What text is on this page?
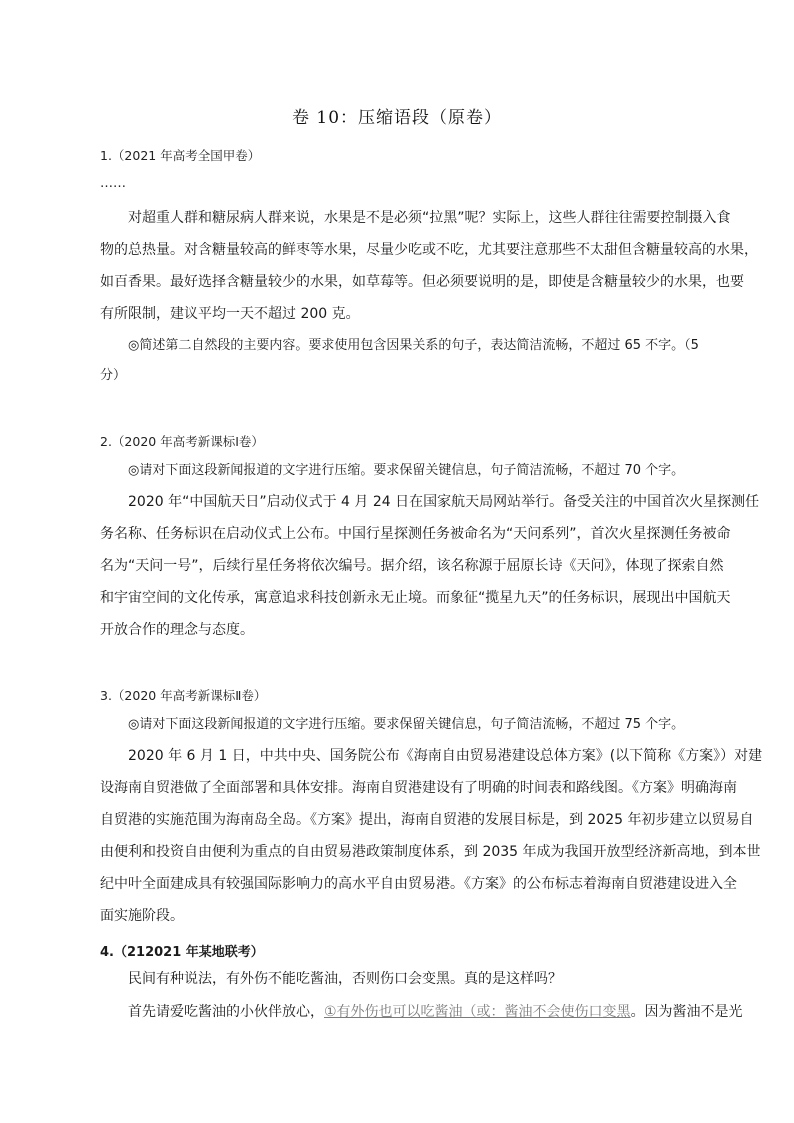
卷 10：压缩语段（原卷）
1.（2021 年高考全国甲卷）
……
对超重人群和糖尿病人群来说，水果是不是必须“拉黑”呢？实际上，这些人群往往需要控制摄入食
物的总热量。对含糖量较高的鲜枣等水果，尽量少吃或不吃，尤其要注意那些不太甜但含糖量较高的水果，
如百香果。最好选择含糖量较少的水果，如草莓等。但必须要说明的是，即使是含糖量较少的水果，也要
有所限制，建议平均一天不超过 200 克。
◎简述第二自然段的主要内容。要求使用包含因果关系的句子，表达简洁流畅，不超过 65 不字。（5
分）
2.（2020 年高考新课标Ⅰ卷）
◎请对下面这段新闻报道的文字进行压缩。要求保留关键信息，句子简洁流畅，不超过 70 个字。
2020 年“中国航天日”启动仪式于 4 月 24 日在国家航天局网站举行。备受关注的中国首次火星探测任
务名称、任务标识在启动仪式上公布。中国行星探测任务被命名为“天问系列”，首次火星探测任务被命
名为“天问一号”，后续行星任务将依次编号。据介绍，该名称源于屈原长诗《天问》，体现了探索自然
和宇宙空间的文化传承，寓意追求科技创新永无止境。而象征“揽星九天”的任务标识，展现出中国航天
开放合作的理念与态度。
3.（2020 年高考新课标Ⅱ卷）
◎请对下面这段新闻报道的文字进行压缩。要求保留关键信息，句子简洁流畅，不超过 75 个字。
2020 年 6 月 1 日，中共中央、国务院公布《海南自由贸易港建设总体方案》(以下简称《方案》）对建
设海南自贸港做了全面部署和具体安排。海南自贸港建设有了明确的时间表和路线图。《方案》明确海南
自贸港的实施范围为海南岛全岛。《方案》提出，海南自贸港的发展目标是，到 2025 年初步建立以贸易自
由便利和投资自由便利为重点的自由贸易港政策制度体系，到 2035 年成为我国开放型经济新高地，到本世
纪中叶全面建成具有较强国际影响力的高水平自由贸易港。《方案》的公布标志着海南自贸港建设进入全
面实施阶段。
4.（212021 年某地联考）
民间有种说法，有外伤不能吃酱油，否则伤口会变黑。真的是这样吗？
首先请爱吃酱油的小伙伴放心，①有外伤也可以吃酱油（或：酱油不会使伤口变黑。因为酱油不是光
